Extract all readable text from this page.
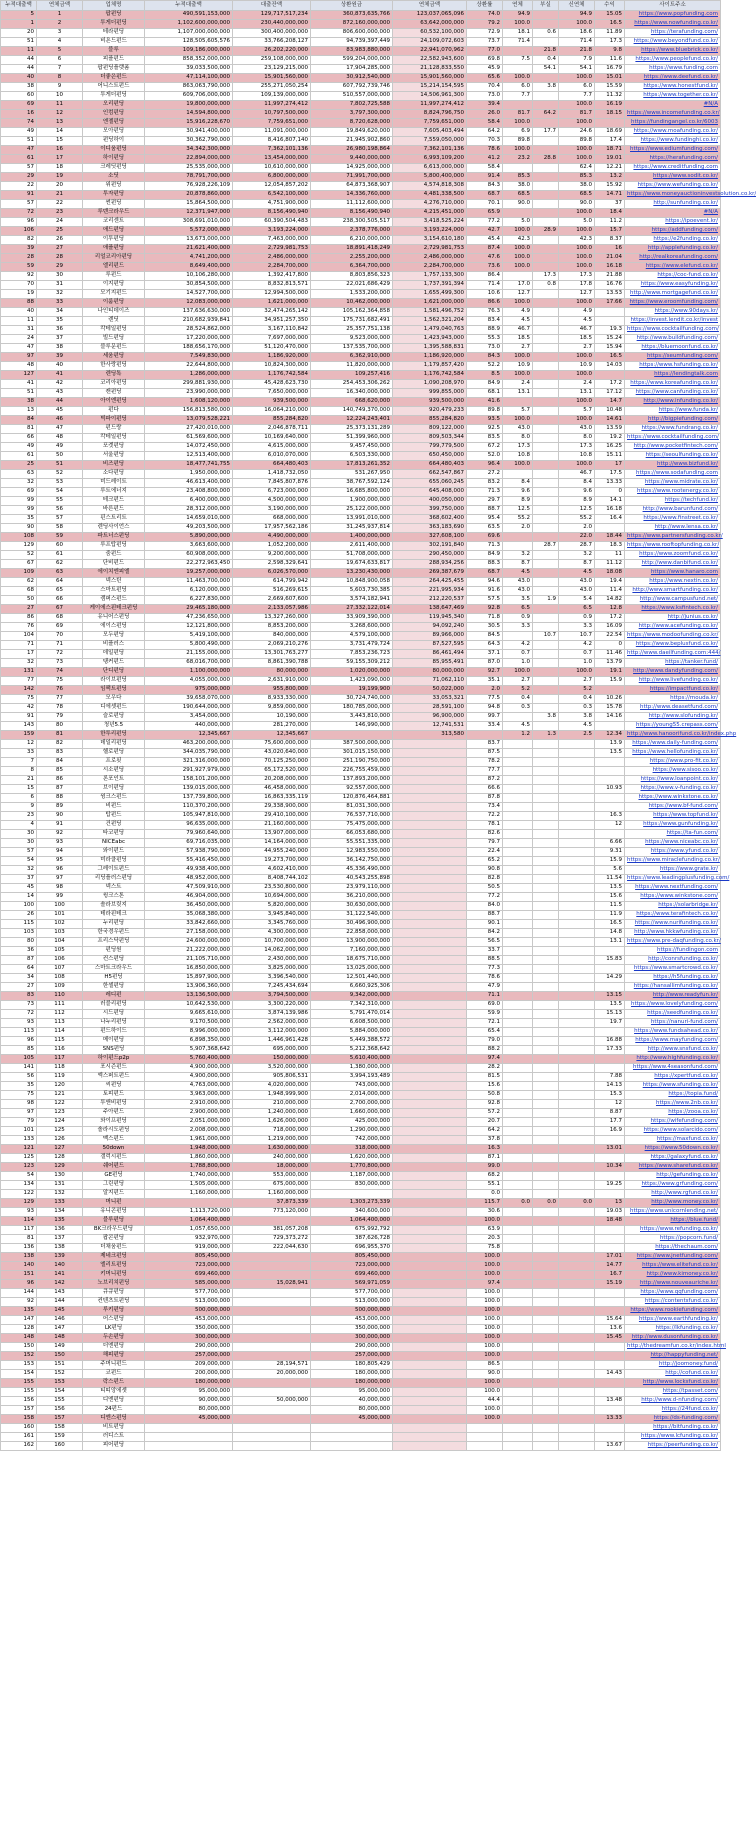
누적대출액	연체금액	업체명	누적대출액	대출잔액	상환원금	연체금액	상환률	연체	부실	신연체	수익	사이트주소
5	1	팝펀딩	490,591,153,000	129,717,517,234	360,873,635,766	123,037,065,096	74.0	94.9		94.9	15.05	https://www.popfunding.com
1	2	투게더펀딩	1,102,600,000,000	230,440,000,000	872,160,000,000	63,642,000,000	79.2	100.0		100.0	16.5	https://www.nowfunding.co.kr/
20	3	테라펀딩	1,107,000,000,000	300,400,000,000	806,600,000,000	60,532,100,000	72.9	18.1	0.6	18.6	11.89	https://terafunding.com/
51	4	비욘드펀드	128,505,605,576	33,766,208,127	94,739,397,449	24,109,072,603	73.7	71.4		71.4	17.3	https://www.beyondfund.co.kr/
11	5	블루	109,186,000,000	26,202,220,000	83,983,880,000	22,941,070,962	77.0		21.8	21.8	9.8	https://www.bluebrick.co.kr/
44	6	피플펀드	858,352,000,000	259,108,000,000	599,204,000,000	22,582,943,600	69.8	7.5	0.4	7.9	11.6	https://www.peoplefund.co.kr/
44	7	팝펀딩플랫폼	39,033,500,000	23,129,215,000	17,904,285,000	21,128,833,550	45.9		54.1	54.1	16.79	https://www.funding.com
40	8	더좋은펀드	47,114,100,000	15,901,560,000	30,912,540,000	15,901,560,000	65.6	100.0		100.0	15.01	https://www.deefund.co.kr/
38	9	어니스트펀드	863,063,790,000	255,271,050,254	607,792,739,746	15,214,154,595	70.4	6.0	3.8	6.0	15.59	https://www.honestfund.kr/
60	10	투게더펀딩	609,706,000,000	109,139,000,000	510,557,000,000	14,506,961,300	73.0	7.7		7.7	11.32	https://www.together.co.kr/
69	11	오리펀딩	19,800,000,000	11,997,274,412	7,802,725,588	11,997,274,412	39.4			100.0	16.19	#N/A
16	12	인컴펀딩	14,594,800,000	10,797,500,000	3,797,300,000	8,824,796,750	26.0	81.7	64.2	81.7	18.15	https://www.incomefunding.co.kr/
74	13	엔젤펀딩	15,916,228,670	7,759,651,000	8,720,628,000	7,759,651,000	58.4	100.0		100.0		https://fundingangel.co.kr/6003
49	14	모아펀딩	30,941,400,000	11,091,000,000	19,849,620,000	7,605,403,494	64.2	6.9	17.7	24.6	18.69	https://www.moafunding.co.kr/
51	15	펀딩하이	30,362,790,000	8,416,807,140	21,945,902,860	7,559,050,000	70.3	89.8		89.8	17.4	https://www.fundinghi.co.kr/
47	16	이디움펀딩	34,342,300,000	7,362,101,136	26,980,198,864	7,362,101,136	78.6	100.0		100.0	18.71	https://www.ediumfunding.com/
61	17	하이펀딩	22,894,000,000	13,454,000,000	9,440,000,000	6,993,109,200	41.2	23.2	28.8	100.0	19.01	https://herafunding.com/
57	18	크레딧펀딩	25,535,000,000	10,610,000,000	14,925,000,000	6,613,000,000	58.4			62.4	12.21	https://www.creditfunding.com
29	19	소딧	78,791,700,000	6,800,000,000	71,991,700,000	5,800,400,000	91.4	85.3		85.3	13.2	https://www.sodit.co.kr/
22	20	위펀딩	76,928,226,109	12,054,857,202	64,873,368,907	4,574,818,308	84.3	38.0		38.0	15.92	https://www.wefunding.co.kr/
91	21	투자펀딩	20,878,860,000	6,542,100,000	14,336,760,000	4,481,338,500	68.7	68.5		68.5	14.71	https://www.moneyauctioninvestsolution.co.kr/
57	22	썬펀딩	15,864,500,000	4,751,900,000	11,112,600,000	4,276,710,000	70.1	90.0		90.0	37	http://sunfunding.co.kr/
72	23	루덴크라우드	12,371,947,000	8,156,490,940	8,156,490,940	4,215,451,000	65.9			100.0	18.4	#N/A
96	24	코리센트	308,691,010,000	60,390,504,483	238,300,505,517	3,418,525,224	77.2	5.0		5.0	11.2	https://ipoevent.kr/
106	25	애드펀딩	5,572,000,000	3,193,224,000	2,378,776,000	3,193,224,000	42.7	100.0	28.9	100.0	15.7	https://addfunding.com/
82	26	이투펀딩	13,673,000,000	7,463,000,000	6,210,000,000	3,154,610,180	45.4	42.3		42.3	8.37	https://e2funding.co.kr/
39	27	애플펀딩	21,621,400,000	2,729,981,753	18,891,418,249	2,729,981,753	87.4	100.0		100.0	16	http://applefunding.co.kr/
28	28	리얼코리아펀딩	4,741,200,000	2,486,000,000	2,255,200,000	2,486,000,000	47.6	100.0		100.0	21.04	http://realkoreafunding.com/
59	29	엘리펀드	8,649,400,000	2,284,700,000	6,364,700,000	2,284,700,000	73.6	100.0		100.0	16.18	https://www.elefund.co.kr/
92	30	루펀드	10,106,280,000	1,392,417,800	8,803,856,323	1,757,133,300	86.4		17.3	17.3	21.88	https://coc-fund.co.kr/
70	31	이지펀딩	30,854,500,000	8,832,813,571	22,021,686,429	1,737,391,394	71.4	17.0	0.8	17.8	16.76	https://www.easyfunding.kr/
19	32	모기지펀드	14,527,700,000	12,994,500,000	1,533,200,000	1,655,499,300	10.6	12.7		12.7	13.53	http://www.mortgagefund.co.kr/
88	33	이룸펀딩	12,083,000,000	1,621,000,000	10,462,000,000	1,621,000,000	86.6	100.0		100.0	17.66	https://www.eroomfunding.com/
40	34	나인티데이즈	137,636,630,000	32,474,265,142	105,162,364,858	1,581,496,752	76.3	4.9		4.9		https://www.90days.kr/
11	35	렌딧	210,682,939,841	34,951,257,350	175,731,682,491	1,562,321,204	83.4	4.5		4.5		https://invest.lendit.co.kr/invest
31	36	칵테일펀딩	28,524,862,000	3,167,110,842	25,357,751,138	1,479,040,763	88.9	46.7		46.7	19.3	https://www.cocktailfunding.com/
24	37	빌드펀딩	17,220,000,000	7,697,000,000	9,523,000,000	1,423,943,000	55.3	18.5		18.5	15.24	http://www.buildfunding.com/
47	38	블루문펀드	188,656,170,000	51,120,470,000	137,535,700,000	1,395,588,831	73.0	2.7		2.7	15.94	https://bluemoonfund.co.kr/
97	39	세움펀딩	7,549,830,000	1,186,920,000	6,362,910,000	1,186,920,000	84.3	100.0		100.0	16.5	https://seumfunding.com/
48	40	한사랑펀딩	22,644,800,000	10,824,300,000	11,820,000,000	1,179,857,420	52.2	10.9		10.9	14.03	https://www.hsfunding.co.kr/
127	41	렌딩톡	1,286,000,000	1,176,742,584	109,257,416	1,176,742,584	8.5	100.0		100.0		https://lendingtalk.com
41	42	코리아펀딩	299,881,930,000	45,428,623,730	254,453,306,262	1,090,208,970	84.9	2.4		2.4	17.2	https://www.koreafunding.co.kr/
51	43	캔펀딩	23,990,000,000	7,650,000,000	16,340,000,000	999,855,000	68.1	13.1		13.1	17.12	https://www.canfunding.co.kr/
38	44	아이엔펀딩	1,608,120,000	939,500,000	668,620,000	939,500,000	41.6			100.0	14.7	http://www.infunding.co.kr/
13	45	펀다	156,813,580,000	16,064,210,000	140,749,370,000	920,479,233	89.8	5.7		5.7	10.48	https://www.funda.kr/
84	46	빅파이펀딩	13,079,528,221	855,284,820	12,224,243,401	855,284,820	93.5	100.0		100.0	14.61	http://bigpiefunding.com/
81	47	펀드랑	27,420,010,000	2,046,878,711	25,373,131,289	809,122,000	92.5	43.0		43.0	13.59	https://www.fundrang.co.kr/
66	48	칵테일펀딩	61,569,600,000	10,169,640,000	51,399,960,000	809,503,344	83.5	8.0		8.0	19.2	https://www.cocktailfunding.com/
49	49	포켓펀딩	14,072,450,000	4,615,000,000	9,457,450,000	799,779,500	67.2	17.3		17.3	16.25	http://www.pocketfintech.com/
61	50	서울펀딩	12,513,400,000	6,010,070,000	6,503,330,000	650,450,000	52.0	10.8		10.8	15.11	https://seoulfunding.co.kr/
25	51	비즈펀딩	18,477,741,755	664,480,403	17,813,261,352	664,480,403	96.4	100.0		100.0	17	http://www.bizfund.kr/
63	52	소다펀딩	1,950,000,000	1,418,732,050	531,267,950	662,547,867	27.2			46.7	17.5	https://www.sodafunding.com
32	53	미드레이트	46,613,400,000	7,845,807,876	38,767,592,124	655,060,245	83.2	8.4		8.4	13.33	https://www.midrate.co.kr/
69	54	루트에너지	23,408,800,000	6,723,000,000	16,685,800,000	645,408,000	71.3	9.6		9.6	0	https://www.rootenergy.co.kr/
99	55	테크펀드	6,400,000,000	4,500,000,000	1,900,000,000	400,050,000	29.7	8.9		8.9	14.1	https://techfund.kr/
99	56	바른펀드	28,312,000,000	3,190,000,000	25,122,000,000	399,750,000	88.7	12.5		12.5	16.18	http://www.barunfund.com/
35	57	핀스트리트	14,659,010,000	668,000,000	13,991,010,000	368,602,400	95.4	55.2		55.2	16.4	https://www.finstreet.co.kr/
90	58	렌딩사이언스	49,203,500,000	17,957,562,186	31,245,937,814	363,183,690	63.5	2.0		2.0		http://www.lensa.co.kr/
108	59	파트너스펀딩	5,890,000,000	4,490,000,000	1,400,000,000	327,608,100	69.6			22.0	18.44	https://www.partnersfunding.co.kr/
129	60	루프탑펀딩	3,663,600,000	1,052,200,000	2,611,400,000	302,191,840	71.3		28.7	28.7	18.3	https://www.rooftopfunding.co.kr/
52	61	줌펀드	60,908,000,000	9,200,000,000	51,708,000,000	290,450,000	84.9	3.2		3.2	11	https://www.zoomfund.co.kr/
67	62	단비펀드	22,272,963,450	2,598,329,641	19,674,633,817	288,934,256	88.3	8.7		8.7	11.12	http://www.danbifund.co.kr/
109	63	에이치엔피엘	19,257,000,000	6,026,570,000	13,230,430,000	269,387,679	68.7	4.5		4.5	18.08	https://www.hanaro.com
62	64	넥스틴	11,463,700,000	614,799,942	10,848,900,058	264,425,455	94.6	43.0		43.0	19.4	https://www.nextin.co.kr/
68	65	스마트펀딩	6,120,000,000	516,269,615	5,603,730,385	221,995,934	91.6	43.0		43.0	11.4	http://www.smartfunding.co.kr/
50	66	캠퍼스펀드	6,227,830,000	2,669,607,600	3,574,182,941	212,220,537	57.5	3.5	1.9	5.4	14.82	http://www.campusfund.net/
27	67	케이에스핀테크펀딩	29,465,180,000	2,133,057,986	27,332,122,014	138,647,469	92.8	6.5		6.5	12.8	https://www.ksfintech.co.kr/
86	68	유니어스펀딩	47,236,650,000	13,327,260,000	33,909,390,000	119,945,340	71.8	0.9		0.9	17.2	http://junius.co.kr/
76	69	에이스펀딩	12,121,800,000	8,853,200,000	3,268,600,000	94,092,240	30.5	3.3		3.3	16.09	http://www.acefunding.co.kr/
104	70	모두펀딩	5,419,100,000	840,000,000	4,579,100,000	89,966,000	84.5		10.7	10.7	22.54	https://www.modoofunding.co.kr/
71	71	비플러스	5,800,490,000	2,069,210,276	3,731,479,724	87,527,595	64.3	4.2		4.2	0	https://www.beplusfund.co.kr/
17	72	데일펀딩	21,155,000,000	13,301,763,277	7,853,236,723	86,461,494	37.1	0.7		0.7	11.46	http://www.daeilfunding.com:444/
32	73	탱커펀드	68,016,700,000	8,861,390,788	59,155,309,212	85,955,491	87.0	1.0		1.0	13.79	https://tanker.fund/
131	74	단디펀딩	1,100,000,000	80,000,000	1,020,000,000	80,000,000	92.7	100.0		100.0	19.1	http://www.dandyfunding.com/
77	75	라이브펀딩	4,055,000,000	2,631,910,000	1,423,090,000	71,062,110	35.1	2.7		2.7	15.9	http://www.livefunding.co.kr/
142	76	임팩트펀딩	975,000,000	955,800,000	19,199,900	50,022,000	2.0	5.2		5.2		https://impactfund.co.kr/
75	77	모우다	39,658,070,000	8,933,330,000	30,724,740,000	33,053,321	77.5	0.4		0.4	10.26	https://mouda.kr/
42	78	디에셋펀드	190,644,000,000	9,859,000,000	180,785,000,000	28,591,100	94.8	0.3		0.3	15.78	http://www.deasetfund.com/
91	79	슬로펀딩	3,454,000,000	10,190,000	3,443,810,000	96,900,000	99.7		3.8	3.8	14.16	http://www.slofunding.kr/
143	80	청년5.5	440,000,000	281,270,000	146,990,000	12,741,531	33.4	4.5		4.5		https://young55.crepass.com/
159	81	한투리펀딩	12,345,667	12,345,667		313,580		1.2	1.3	2.5	12.34	http://www.hanoorifund.co.kr/index.php
12	82	데일리펀딩	463,200,000,000	75,600,000,000	387,500,000,000		83.7				13.9	https://www.daily-funding.com/
33	83	헬로펀딩	344,035,790,000	43,020,640,000	301,015,150,000		87.5				13.5	https://www.hellofunding.co.kr/
7	84	프로핏	321,316,000,000	70,125,250,000	251,190,750,000		78.2					https://www.pro-fit.co.kr/
8	85	시소펀딩	291,927,979,000	65,172,520,000	226,755,459,000		77.7					https://www.sisoo.co.kr/
21	86	론포인트	158,101,200,000	20,208,000,000	137,893,200,000		87.2					https://www.loanpoint.co.kr/
15	87	브이펀딩	139,015,000,000	46,458,000,000	92,557,000,000		66.6				10.93	https://www.v-funding.co.kr/
6	88	윙크스펀드	137,739,800,000	16,863,335,119	120,876,464,881		87.8					https://www.winkstone.co.kr/
9	89	비펀드	110,370,200,000	29,338,900,000	81,031,300,000		73.4					https://www.bf-fund.com/
23	90	탑펀드	105,947,810,000	29,410,100,000	76,537,710,000		72.2				16.3	https://www.topfund.kr/
4	91	건펀딩	96,635,000,000	21,160,000,000	75,475,000,000		78.1				12	https://www.gunfunding.kr/
30	92	타코펀딩	79,960,640,000	13,907,000,000	66,053,680,000		82.6					https://ta-fun.com/
30	93	NICEabc	69,716,035,000	14,164,000,000	55,551,335,000		79.7				6.66	https://www.niceabc.co.kr/
57	94	와이펀드	57,938,790,000	44,955,240,000	12,983,550,000		22.4				9.31	https://www.yfund.co.kr/
54	95	미라클펀딩	55,416,450,000	19,273,700,000	36,142,750,000		65.2				15.9	https://www.miraclefunding.co.kr/
32	96	그레이트펀드	49,938,400,000	4,602,410,000	45,336,490,000		90.8				5.6	https://www.grate.kr/
37	97	리딩플러스펀딩	48,952,000,000	8,408,744,102	40,543,255,898		82.8				11.54	https://www.leadingplusfunding.com/
45	98	넥스트	47,509,910,000	23,530,800,000	23,979,110,000		50.5				13.5	https://www.nextfunding.com/
14	99	윙크스톤	46,904,000,000	10,694,000,000	36,210,000,000		77.2				15.6	https://www.winkstone.com/
100	100	솔라브릿지	36,450,000,000	5,820,000,000	30,630,000,000		84.0				11.5	https://solarbridge.kr/
26	101	테라핀테크	35,068,380,000	3,945,840,000	31,122,540,000		88.7				11.9	https://www.terafintech.co.kr/
115	102	누리펀딩	33,842,660,000	3,345,760,000	30,496,900,000		90.1				16.5	https://www.nurifunding.co.kr/
103	103	한국경우펀드	27,158,000,000	4,300,000,000	22,858,000,000		84.2				14.8	http://www.hkkwfunding.co.kr/
80	104	프리스닥펀딩	24,600,000,000	10,700,000,000	13,900,000,000		56.5				13.1	https://www.pre-daqfunding.co.kr/
36	105	펀딩원	21,222,000,000	14,062,000,000	7,160,000,000		33.7					https://fundingon.com
87	106	컨스펀딩	21,105,710,000	2,430,000,000	18,675,710,000		88.5				15.83	http://conrsfunding.co.kr/
64	107	스마트크라우드	16,850,000,000	3,825,000,000	13,025,000,000		77.3					https://www.smartcrowd.co.kr/
34	108	H5펀딩	15,897,900,000	3,396,540,000	12,501,440,000		78.6				14.29	https://h5funding.co.kr/
27	109	한셀펀딩	13,906,360,000	7,245,434,694	6,660,925,306		47.9					https://hansallimfunding.co.kr/
83	110	레디펀	13,136,500,000	3,794,500,000	9,342,000,000		71.1				13.15	http://www.readyfun.kr/
73	111	러블리펀딩	10,642,530,000	3,300,220,000	7,342,310,000		69.0				13.5	https://www.lovelyfunding.com/
72	112	시드펀딩	9,665,610,000	3,874,139,986	5,791,470,014		59.9				15.13	https://seedfunding.co.kr/
93	113	나누리펀딩	9,170,500,000	2,562,000,000	6,608,500,000		72.1				19.7	https://nanuri-fund.com/
113	114	펀드하이드	8,996,000,000	3,112,000,000	5,884,000,000		65.4					https://www.fundsahead.co.kr/
96	115	메이펀딩	6,898,350,000	1,446,961,428	5,449,388,572		79.0				16.88	https://www.mayfunding.com/
85	116	SNS펀딩	5,907,368,642	695,000,000	5,212,368,642		88.2				17.33	http://www.snsfund.co.kr/
105	117	하이펀드p2p	5,760,400,000	150,000,000	5,610,400,000		97.4					http://www.highfunding.co.kr/
141	118	포시즌펀드	4,900,000,000	3,520,000,000	1,380,000,000		28.2					https://www.4seasonfund.com/
56	119	엑스퍼트펀드	4,900,000,000	905,806,531	3,994,193,489		81.5				7.88	https://xpertfund.co.kr/
35	120	씨펀딩	4,763,000,000	4,020,000,000	743,000,000		15.6				14.13	https://www.sfunding.co.kr/
75	121	토피펀드	3,963,000,000	1,948,999,900	2,014,000,000		50.8				15.3	https://topia.fund/
98	122	투앤비펀딩	2,910,000,000	210,000,000	2,700,000,000		92.8				12	https://www.2nb.co.kr/
97	123	주아펀드	2,900,000,000	1,240,000,000	1,660,000,000		57.2				8.87	https://zooa.co.kr/
79	124	와이프펀딩	2,051,000,000	1,626,000,000	425,000,000		20.7				17.7	https://wifefunding.com/
101	125	솔라시도펀딩	2,008,000,000	718,000,000	1,290,000,000		64.2				16.9	https://www.solarcido.com/
133	126	맥스펀드	1,961,000,000	1,219,000,000	742,000,000		37.8					https://maxfund.co.kr/
121	127	50down	1,948,000,000	1,630,000,000	318,000,000		16.3				13.01	https://www.50down.co.kr/
125	128	갤럭시펀드	1,860,000,000	240,000,000	1,620,000,000		87.1					https://galaxyfund.co.kr/
123	129	쉐어펀드	1,788,800,000	18,000,000	1,770,800,000		99.0				10.34	https://www.sharefund.co.kr/
54	130	GE펀딩	1,740,000,000	553,000,000	1,187,000,000		68.2					http://gefunding.co.kr/
134	131	그린펀딩	1,505,000,000	675,000,000	830,000,000		55.1				19.25	https://www.grfunding.com/
122	132	알지펀드	1,160,000,000	1,160,000,000			0.0					http://www.rgfund.co.kr/
129	133	머니펀		37,873,339	1,303,273,339		115.7	0.0	0.0	0.0	13	http://www.money.co.kr/
93	134	유니콘펀딩	1,113,720,000	773,120,000	340,600,000		30.6				19.03	https://www.unicornlending.net/
114	135	블루펀딩	1,064,400,000		1,064,400,000		100.0				18.48	https://blue.fund/
117	136	BK크라우드펀딩	1,057,650,000	381,057,208	675,992,792		63.9					https://www.refunding.co.kr/
81	137	팝콘펀딩	932,970,000	729,373,272	387,626,728		20.3					https://popcorn.fund/
136	138	더채움펀드	919,000,000	222,044,630	696,955,370		75.8					https://thechaum.com/
138	139	제네크펀딩	805,450,000		805,450,000		100.0				17.01	https://www.jnetfunding.com/
140	140	엘리트펀딩	723,000,000		723,000,000		100.0				14.77	https://www.elitefund.co.kr/
151	141	키머니펀딩	699,460,000		699,460,000		100.0				16.7	http://www.kimoney.co.kr/
96	142	노브리치펀딩	585,000,000	15,028,941	569,971,059		97.4				15.19	http://www.nouveauriche.kr/
144	143	큐큐펀딩	577,700,000		577,700,000		100.0					https://www.qqfunding.com/
92	144	컨텐츠트펀딩	513,000,000		513,000,000		100.0					https://contentsfund.co.kr/
135	145	루키펀딩	500,000,000		500,000,000		100.0					https://www.rookiefunding.com/
147	146	어스펀딩	453,000,000		453,000,000		100.0				15.64	https://www.earthfunding.kr/
128	147	LK펀딩	350,000,000		350,000,000		100.0				13.6	https://lkfunding.co.kr/
148	148	두손펀딩	300,000,000		300,000,000		100.0				15.45	http://www.dusonfunding.co.kr/
150	149	더엔펀딩	290,000,000		290,000,000		100.0					http://thedreamfun.co.kr/index.html
152	150	해피펀딩	257,000,000		257,000,000		100.0					http://happyfunding.net/
153	151	주머니펀드	209,000,000	28,194,571	180,805,429		86.5					http://joomoney.fund/
154	152	코펀드	200,000,000	20,000,000	180,000,000		90.0				14.43	http://cofund.co.kr/
155	153	락스펀드	180,000,000		180,000,000		100.0					http://www.locksfund.co.kr/
155	154	티띠앙에셋	95,000,000		95,000,000		100.0					https://tpasset.com/
156	155	디엔펀딩	90,000,000	50,000,000	40,000,000		44.4				13.48	http://www.d-nfunding.com/
157	156	24펀드	80,000,000		80,000,000		100.0					https://24fund.co.kr/
158	157	디엔스펀딩	45,000,000		45,000,000		100.0				13.33	https://ds-funding.com/
160	158	비트펀딩										https://bitfunding.co.kr/
161	159	러디스트										https://www.lcfunding.co.kr/
162	160	피어펀딩									13.67	https://peerfunding.co.kr/
